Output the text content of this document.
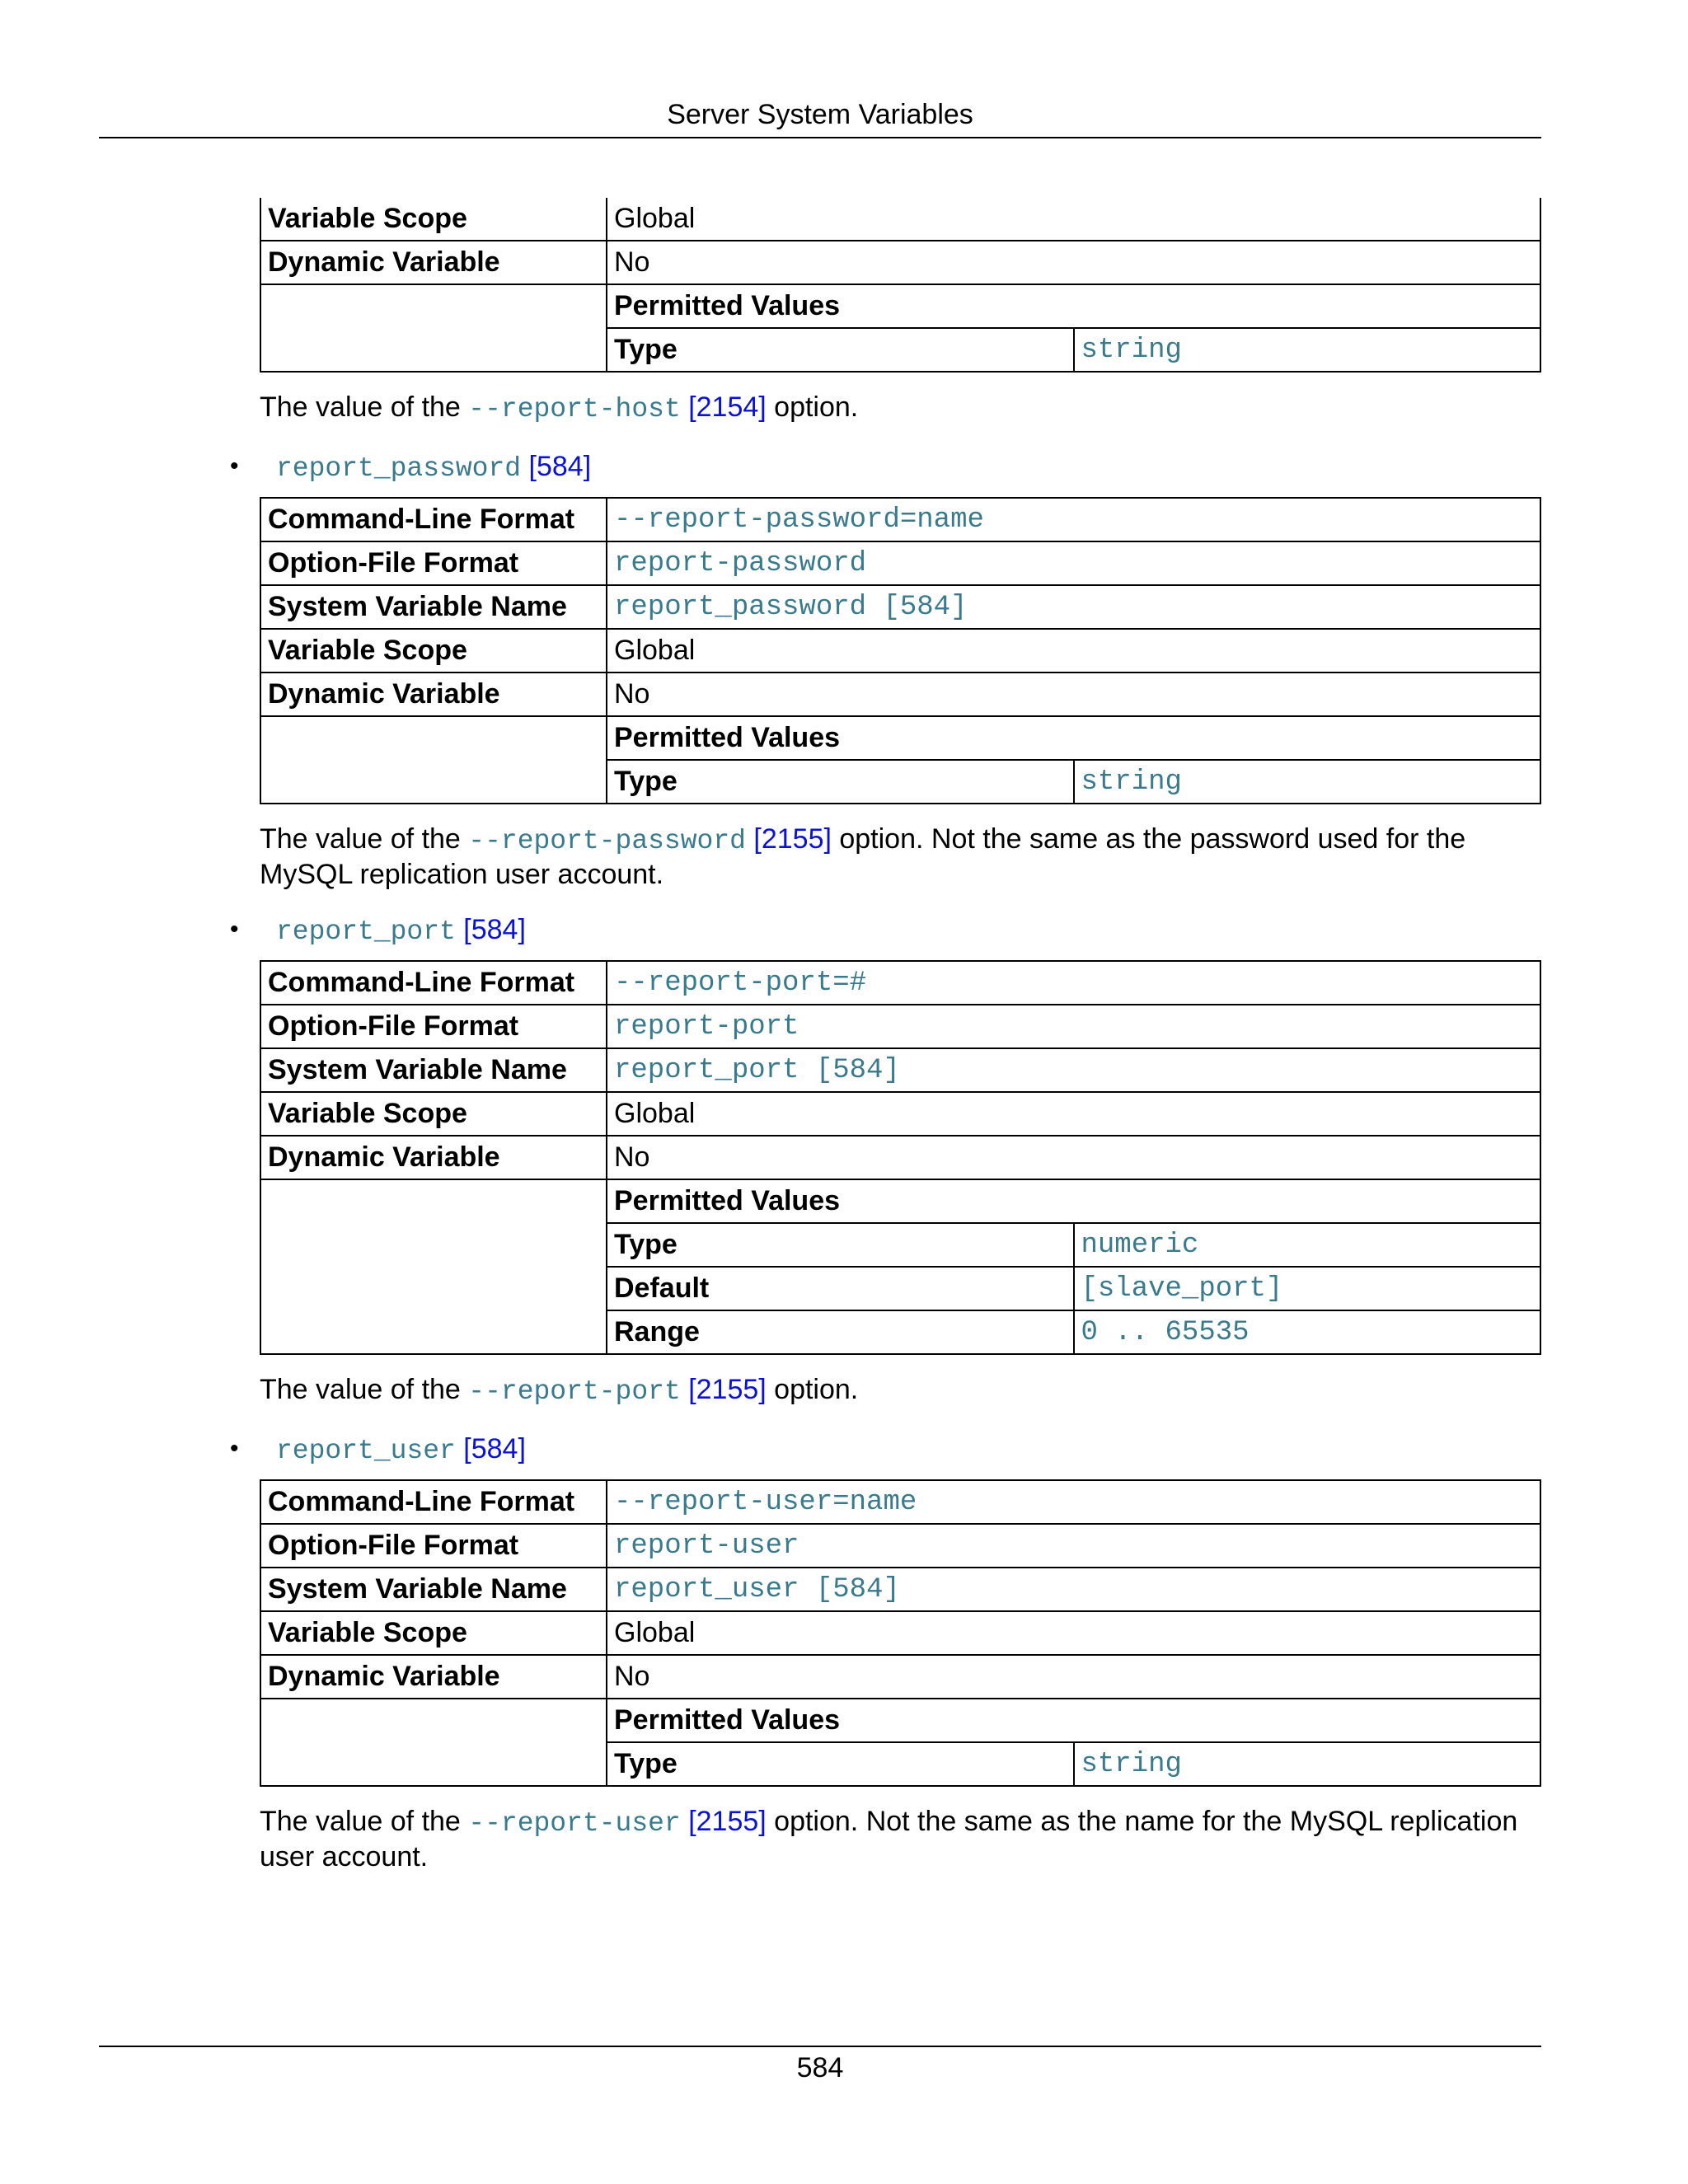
Server System Variables
Variable Scope	Global
Dynamic Variable	No

Permitted Values
Type	string

The value of the --report-host [2154] option.

• report_password [584]
Command-Line Format	--report-password=name
Option-File Format	report-password
System Variable Name	report_password [584]
Variable Scope	Global
Dynamic Variable	No

Permitted Values
Type	string

The value of the --report-password [2155] option. Not the same as the password used for the MySQL replication user account.

• report_port [584]
Command-Line Format	--report-port=#
Option-File Format	report-port
System Variable Name	report_port [584]
Variable Scope	Global
Dynamic Variable	No

Permitted Values
Type	numeric
Default	[slave_port]
Range	0 .. 65535

The value of the --report-port [2155] option.

• report_user [584]
Command-Line Format	--report-user=name
Option-File Format	report-user
System Variable Name	report_user [584]
Variable Scope	Global
Dynamic Variable	No

Permitted Values
Type	string

The value of the --report-user [2155] option. Not the same as the name for the MySQL replication user account.

584
